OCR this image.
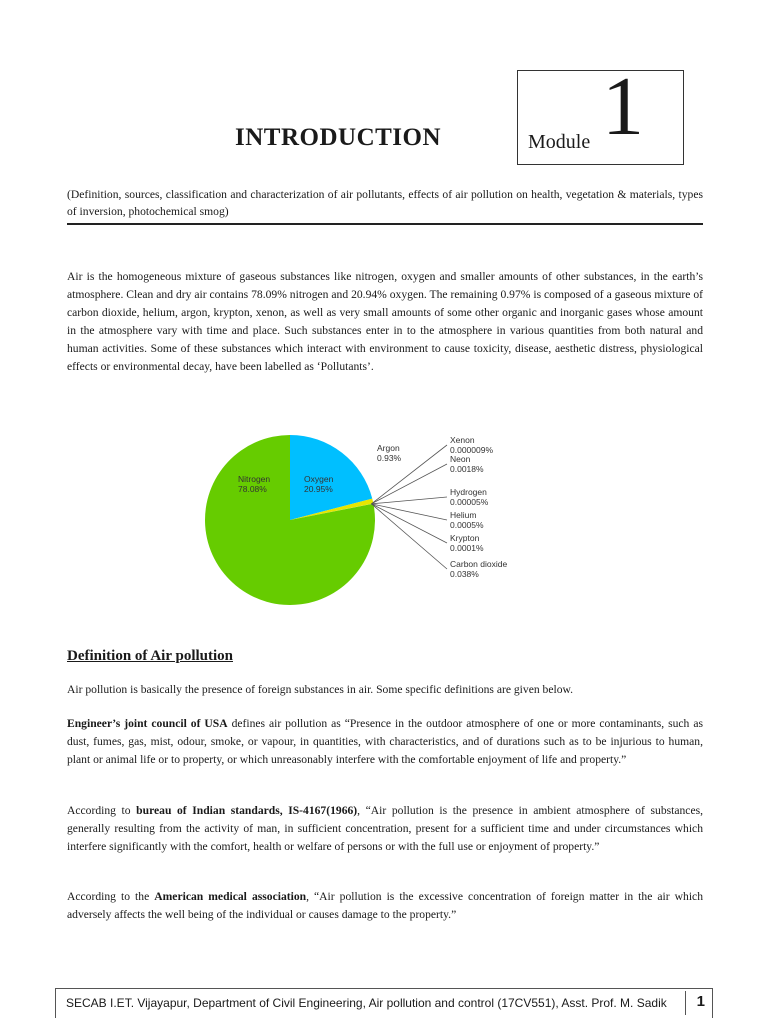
Module 1
INTRODUCTION
(Definition, sources, classification and characterization of air pollutants, effects of air pollution on health, vegetation & materials, types of inversion, photochemical smog)
Air is the homogeneous mixture of gaseous substances like nitrogen, oxygen and smaller amounts of other substances, in the earth’s atmosphere. Clean and dry air contains 78.09% nitrogen and 20.94% oxygen. The remaining 0.97% is composed of a gaseous mixture of carbon dioxide, helium, argon, krypton, xenon, as well as very small amounts of some other organic and inorganic gases whose amount in the atmosphere vary with time and place. Such substances enter in to the atmosphere in various quantities from both natural and human activities. Some of these substances which interact with environment to cause toxicity, disease, aesthetic distress, physiological effects or environmental decay, have been labelled as ‘Pollutants’.
Nitrogen
78.08%
Oxygen
20.95%
Argon
0.93%
Xenon
0.000009%
Neon
0.0018%
Hydrogen
0.00005%
Helium
0.0005%
Krypton
0.0001%
Carbon dioxide
0.038%
Definition of Air pollution
Air pollution is basically the presence of foreign substances in air. Some specific definitions are given below.
Engineer’s joint council of USA defines air pollution as “Presence in the outdoor atmosphere of one or more contaminants, such as dust, fumes, gas, mist, odour, smoke, or vapour, in quantities, with characteristics, and of durations such as to be injurious to human, plant or animal life or to property, or which unreasonably interfere with the comfortable enjoyment of life and property.”
According to bureau of Indian standards, IS-4167(1966), “Air pollution is the presence in ambient atmosphere of substances, generally resulting from the activity of man, in sufficient concentration, present for a sufficient time and under circumstances which interfere significantly with the comfort, health or welfare of persons or with the full use or enjoyment of property.”
According to the American medical association, “Air pollution is the excessive concentration of foreign matter in the air which adversely affects the well being of the individual or causes damage to the property.”
SECAB I.ET. Vijayapur, Department of Civil Engineering, Air pollution and control (17CV551), Asst. Prof. M. Sadik 1
